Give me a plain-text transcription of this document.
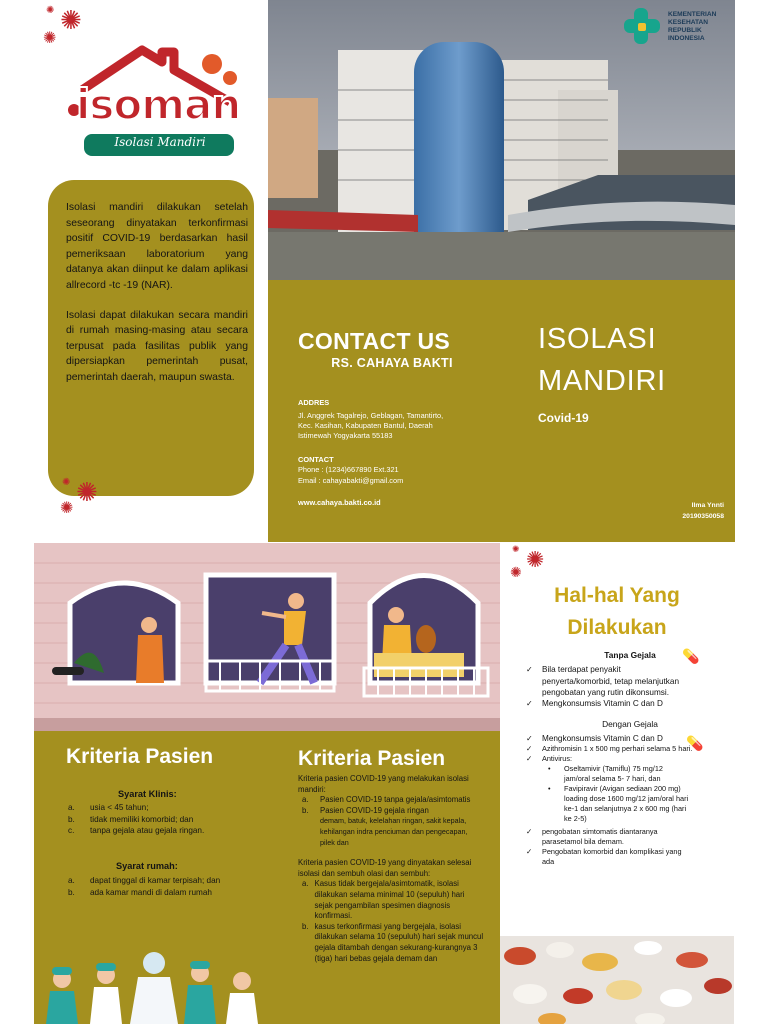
✺
✺
✺
isoman
Isolasi Mandiri

Isolasi mandiri dilakukan setelah seseorang dinyatakan terkonfirmasi positif COVID-19 berdasarkan hasil pemeriksaan laboratorium yang datanya akan diinput ke dalam aplikasi allrecord -tc -19 (NAR).

Isolasi dapat dilakukan secara mandiri di rumah masing-masing atau secara terpusat pada fasilitas publik yang dipersiapkan pemerintah pusat, pemerintah daerah, maupun swasta.

✺
✺
✺
KEMENTERIAN
KESEHATAN
REPUBLIK
INDONESIA
CONTACT US
RS. CAHAYA BAKTI
ADDRES
Jl. Anggrek Tagalrejo, Geblagan, Tamantirto,
Kec. Kasihan, Kabupaten Bantul, Daerah
Istimewah Yogyakarta 55183
CONTACT
Phone : (1234)667890 Ext.321
Email : cahayabakti@gmail.com
www.cahaya.bakti.co.id
ISOLASI
MANDIRI
Covid-19
Ilma Ynnti
20190350058
Kriteria Pasien
Syarat Klinis:
a.	usia < 45 tahun;
b.	tidak memiliki komorbid; dan
c.	tanpa gejala atau gejala ringan.
Syarat rumah:
a.	dapat tinggal di kamar terpisah; dan
b.	ada kamar mandi di dalam rumah
Kriteria Pasien
Kriteria pasien COVID-19 yang melakukan isolasi mandiri:
a.	Pasien COVID-19 tanpa gejala/asimtomatis
b.	Pasien COVID-19 gejala ringan
demam, batuk, kelelahan ringan, sakit kepala, kehilangan indra penciuman dan pengecapan, pilek dan
Kriteria pasien COVID-19 yang dinyatakan selesai isolasi dan sembuh olasi dan sembuh:
a. Kasus tidak bergejala/asimtomatik, isolasi dilakukan selama minimal 10 (sepuluh) hari sejak pengambilan spesimen diagnosis konfirmasi.
b. kasus terkonfirmasi yang bergejala, isolasi dilakukan selama 10 (sepuluh) hari sejak muncul gejala ditambah dengan sekurang-kurangnya 3 (tiga) hari bebas gejala demam dan
✺
✺
✺
Hal-hal Yang
Dilakukan
💊
💊
Tanpa Gejala
✓	Bila terdapat penyakit penyerta/komorbid, tetap melanjutkan pengobatan yang rutin dikonsumsi.
✓	Mengkonsumsis Vitamin C dan D
Dengan Gejala
✓	Mengkonsumsis Vitamin C dan D
✓	Azithromisin 1 x 500 mg perhari selama 5 hari.
✓	Antivirus:
•	Oseltamivir (Tamiflu) 75 mg/12 jam/oral selama 5- 7 hari, dan
•	Favipiravir (Avigan sediaan 200 mg) loading dose 1600 mg/12 jam/oral hari ke-1 dan selanjutnya 2 x 600 mg (hari ke 2-5)
✓	pengobatan simtomatis diantaranya parasetamol bila demam.
✓	Pengobatan komorbid dan komplikasi yang ada
